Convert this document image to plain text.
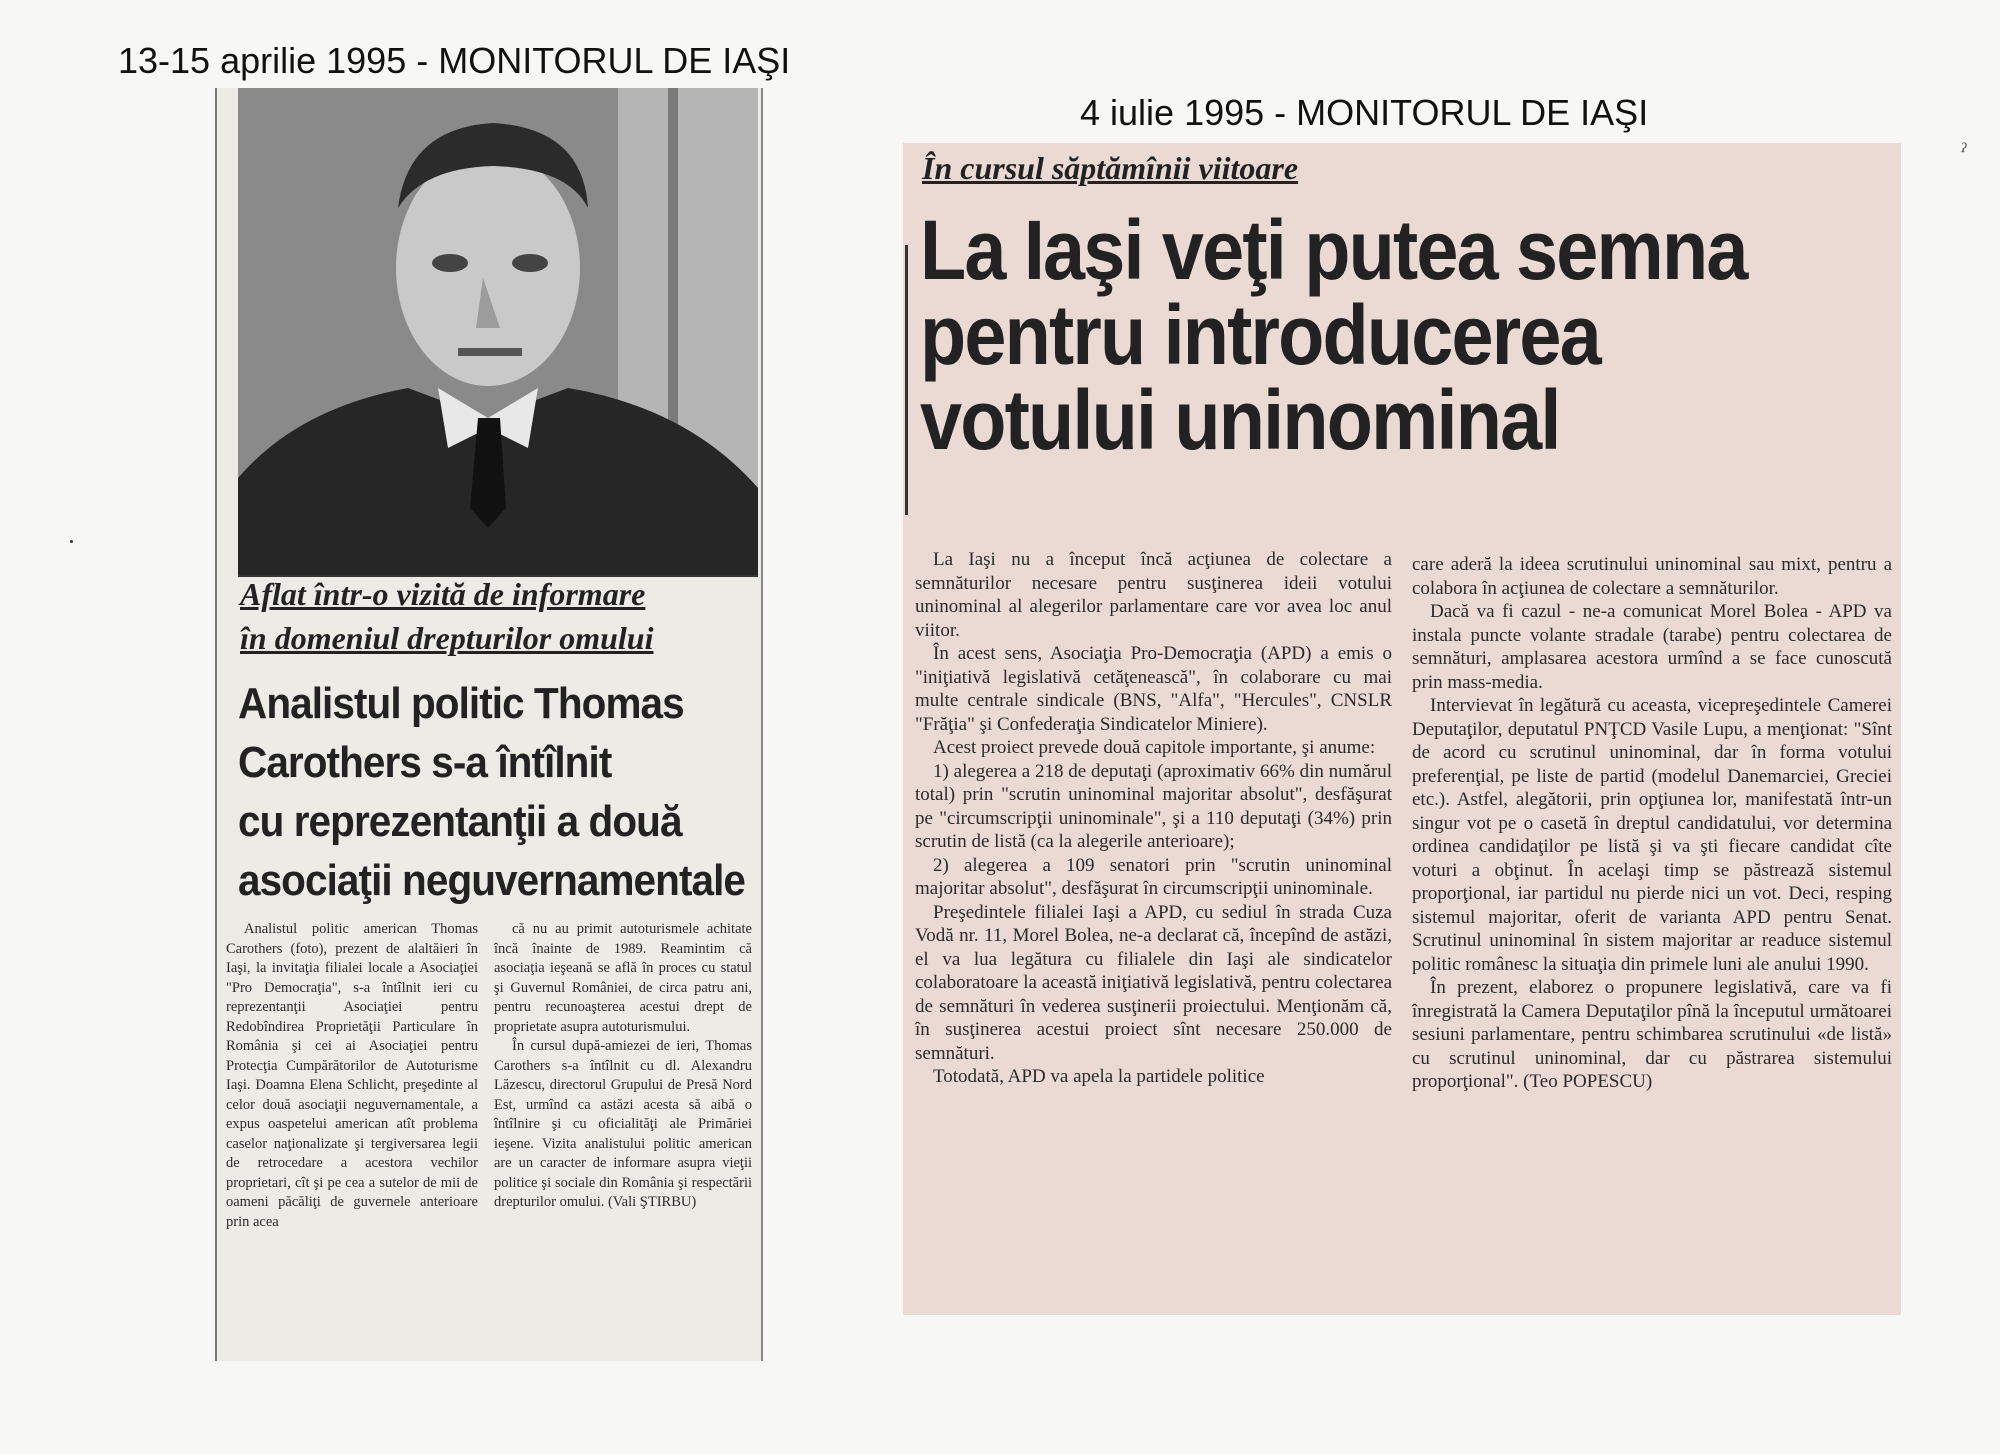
13-15 aprilie 1995 - MONITORUL DE IAŞI
4 iulie 1995 - MONITORUL DE IAŞI
ˀ
Aflat într-o vizită de informare
în domeniul drepturilor omului
Analistul politic Thomas
Carothers s-a întîlnit
cu reprezentanţii a două
asociaţii neguvernamentale

Analistul politic american Thomas Carothers (foto), prezent de alaltăieri în Iaşi, la invitaţia filialei locale a Asociaţiei "Pro Democraţia", s-a întîlnit ieri cu reprezentanţii Asociaţiei pentru Redobîndirea Proprietăţii Particulare în România şi cei ai Asociaţiei pentru Protecţia Cumpărătorilor de Autoturisme Iaşi. Doamna Elena Schlicht, preşedinte al celor două asociaţii neguvernamentale, a expus oaspetelui american atît problema caselor naţionalizate şi tergiversarea legii de retrocedare a acestora vechilor proprietari, cît şi pe cea a sutelor de mii de oameni păcăliţi de guvernele anterioare prin acea

că nu au primit autoturismele achitate încă înainte de 1989. Reamintim că asociaţia ieşeană se află în proces cu statul şi Guvernul României, de circa patru ani, pentru recunoaşterea acestui drept de proprietate asupra autoturismului.

În cursul după-amiezei de ieri, Thomas Carothers s-a întîlnit cu dl. Alexandru Lăzescu, directorul Grupului de Presă Nord Est, urmînd ca astăzi acesta să aibă o întîlnire şi cu oficialităţi ale Primăriei ieşene. Vizita analistului politic american are un caracter de informare asupra vieţii politice şi sociale din România şi respectării drepturilor omului. (Vali ŞTIRBU)

În cursul săptămînii viitoare
La Iaşi veţi putea semna
pentru introducerea
votului uninominal

La Iaşi nu a început încă acţiunea de colectare a semnăturilor necesare pentru susţinerea ideii votului uninominal al alegerilor parlamentare care vor avea loc anul viitor.

În acest sens, Asociaţia Pro-Democraţia (APD) a emis o "iniţiativă legislativă cetăţenească", în colaborare cu mai multe centrale sindicale (BNS, "Alfa", "Hercules", CNSLR "Frăţia" şi Confederaţia Sindicatelor Miniere).

Acest proiect prevede două capitole importante, şi anume:

1) alegerea a 218 de deputaţi (aproximativ 66% din numărul total) prin "scrutin uninominal majoritar absolut", desfăşurat pe "circumscripţii uninominale", şi a 110 deputaţi (34%) prin scrutin de listă (ca la alegerile anterioare);

2) alegerea a 109 senatori prin "scrutin uninominal majoritar absolut", desfăşurat în circumscripţii uninominale.

Preşedintele filialei Iaşi a APD, cu sediul în strada Cuza Vodă nr. 11, Morel Bolea, ne-a declarat că, începînd de astăzi, el va lua legătura cu filialele din Iaşi ale sindicatelor colaboratoare la această iniţiativă legislativă, pentru colectarea de semnături în vederea susţinerii proiectului. Menţionăm că, în susţinerea acestui proiect sînt necesare 250.000 de semnături.

Totodată, APD va apela la partidele politice

care aderă la ideea scrutinului uninominal sau mixt, pentru a colabora în acţiunea de colectare a semnăturilor.

Dacă va fi cazul - ne-a comunicat Morel Bolea - APD va instala puncte volante stradale (tarabe) pentru colectarea de semnături, amplasarea acestora urmînd a se face cunoscută prin mass-media.

Intervievat în legătură cu aceasta, vicepreşedintele Camerei Deputaţilor, deputatul PNŢCD Vasile Lupu, a menţionat: "Sînt de acord cu scrutinul uninominal, dar în forma votului preferenţial, pe liste de partid (modelul Danemarciei, Greciei etc.). Astfel, alegătorii, prin opţiunea lor, manifestată într-un singur vot pe o casetă în dreptul candidatului, vor determina ordinea candidaţilor pe listă şi va şti fiecare candidat cîte voturi a obţinut. În acelaşi timp se păstrează sistemul proporţional, iar partidul nu pierde nici un vot. Deci, resping sistemul majoritar, oferit de varianta APD pentru Senat. Scrutinul uninominal în sistem majoritar ar readuce sistemul politic românesc la situaţia din primele luni ale anului 1990.

În prezent, elaborez o propunere legislativă, care va fi înregistrată la Camera Deputaţilor pînă la începutul următoarei sesiuni parlamentare, pentru schimbarea scrutinului «de listă» cu scrutinul uninominal, dar cu păstrarea sistemului proporţional". (Teo POPESCU)
